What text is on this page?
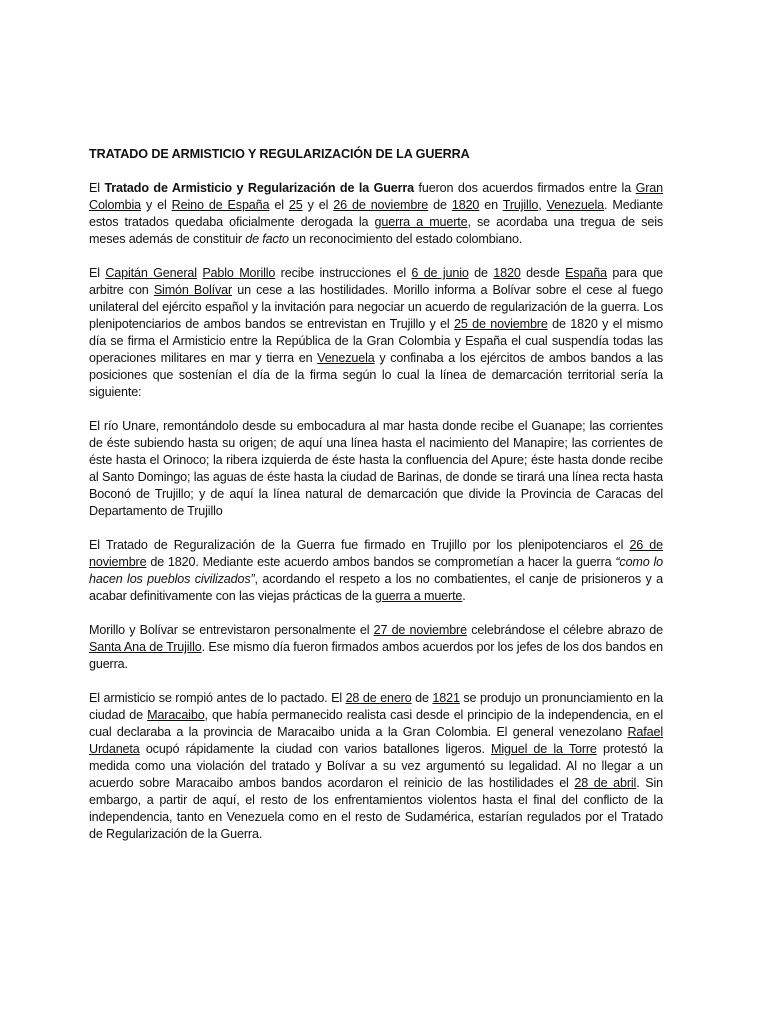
TRATADO DE ARMISTICIO Y REGULARIZACIÓN DE LA GUERRA

El Tratado de Armisticio y Regularización de la Guerra fueron dos acuerdos firmados entre la Gran Colombia y el Reino de España el 25 y el 26 de noviembre de 1820 en Trujillo, Venezuela. Mediante estos tratados quedaba oficialmente derogada la guerra a muerte, se acordaba una tregua de seis meses además de constituir de facto un reconocimiento del estado colombiano.

El Capitán General Pablo Morillo recibe instrucciones el 6 de junio de 1820 desde España para que arbitre con Simón Bolívar un cese a las hostilidades. Morillo informa a Bolívar sobre el cese al fuego unilateral del ejército español y la invitación para negociar un acuerdo de regularización de la guerra. Los plenipotenciarios de ambos bandos se entrevistan en Trujillo y el 25 de noviembre de 1820 y el mismo día se firma el Armisticio entre la República de la Gran Colombia y España el cual suspendía todas las operaciones militares en mar y tierra en Venezuela y confinaba a los ejércitos de ambos bandos a las posiciones que sostenían el día de la firma según lo cual la línea de demarcación territorial sería la siguiente:

El río Unare, remontándolo desde su embocadura al mar hasta donde recibe el Guanape; las corrientes de éste subiendo hasta su origen; de aquí una línea hasta el nacimiento del Manapire; las corrientes de éste hasta el Orinoco; la ribera izquierda de éste hasta la confluencia del Apure; éste hasta donde recibe al Santo Domingo; las aguas de éste hasta la ciudad de Barinas, de donde se tirará una línea recta hasta Boconó de Trujillo; y de aquí la línea natural de demarcación que divide la Provincia de Caracas del Departamento de Trujillo

El Tratado de Reguralización de la Guerra fue firmado en Trujillo por los plenipotenciaros el 26 de noviembre de 1820. Mediante este acuerdo ambos bandos se comprometían a hacer la guerra “como lo hacen los pueblos civilizados”, acordando el respeto a los no combatientes, el canje de prisioneros y a acabar definitivamente con las viejas prácticas de la guerra a muerte.

Morillo y Bolívar se entrevistaron personalmente el 27 de noviembre celebrándose el célebre abrazo de Santa Ana de Trujillo. Ese mismo día fueron firmados ambos acuerdos por los jefes de los dos bandos en guerra.

El armisticio se rompió antes de lo pactado. El 28 de enero de 1821 se produjo un pronunciamiento en la ciudad de Maracaibo, que había permanecido realista casi desde el principio de la independencia, en el cual declaraba a la provincia de Maracaibo unida a la Gran Colombia. El general venezolano Rafael Urdaneta ocupó rápidamente la ciudad con varios batallones ligeros. Miguel de la Torre protestó la medida como una violación del tratado y Bolívar a su vez argumentó su legalidad. Al no llegar a un acuerdo sobre Maracaibo ambos bandos acordaron el reinicio de las hostilidades el 28 de abril. Sin embargo, a partir de aquí, el resto de los enfrentamientos violentos hasta el final del conflicto de la independencia, tanto en Venezuela como en el resto de Sudamérica, estarían regulados por el Tratado de Regularización de la Guerra.
